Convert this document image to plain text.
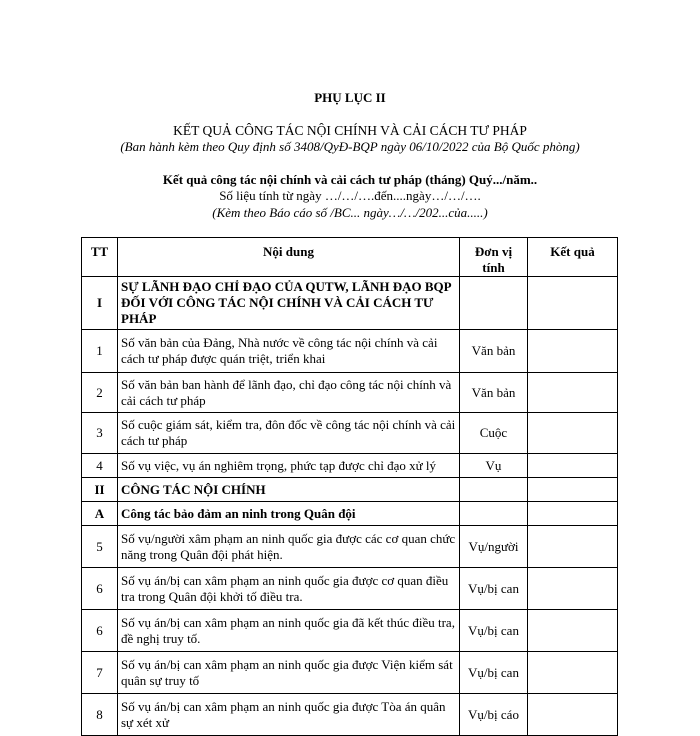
PHỤ LỤC II
KẾT QUẢ CÔNG TÁC NỘI CHÍNH VÀ CẢI CÁCH TƯ PHÁP
(Ban hành kèm theo Quy định số 3408/QyĐ-BQP ngày 06/10/2022 của Bộ Quốc phòng)
Kết quả công tác nội chính và cải cách tư pháp (tháng) Quý.../năm..
Số liệu tính từ ngày …/…/….đến....ngày…/…/….
(Kèm theo Báo cáo số /BC... ngày…/…/202...của.....)
TT	Nội dung	Đơn vị tính	Kết quả
I	SỰ LÃNH ĐẠO CHỈ ĐẠO CỦA QUTW, LÃNH ĐẠO BQP ĐỐI VỚI CÔNG TÁC NỘI CHÍNH VÀ CẢI CÁCH TƯ PHÁP		
1	Số văn bản của Đảng, Nhà nước về công tác nội chính và cải cách tư pháp được quán triệt, triển khai	Văn bản	
2	Số văn bản ban hành để lãnh đạo, chỉ đạo công tác nội chính và cải cách tư pháp	Văn bản	
3	Số cuộc giám sát, kiểm tra, đôn đốc về công tác nội chính và cải cách tư pháp	Cuộc	
4	Số vụ việc, vụ án nghiêm trọng, phức tạp được chỉ đạo xử lý	Vụ	
II	CÔNG TÁC NỘI CHÍNH		
A	Công tác bảo đảm an ninh trong Quân đội		
5	Số vụ/người xâm phạm an ninh quốc gia được các cơ quan chức năng trong Quân đội phát hiện.	Vụ/người	
6	Số vụ án/bị can xâm phạm an ninh quốc gia được cơ quan điều tra trong Quân đội khởi tố điều tra.	Vụ/bị can	
6	Số vụ án/bị can xâm phạm an ninh quốc gia đã kết thúc điều tra, đề nghị truy tố.	Vụ/bị can	
7	Số vụ án/bị can xâm phạm an ninh quốc gia được Viện kiểm sát quân sự truy tố	Vụ/bị can	
8	Số vụ án/bị can xâm phạm an ninh quốc gia được Tòa án quân sự xét xử	Vụ/bị cáo	
